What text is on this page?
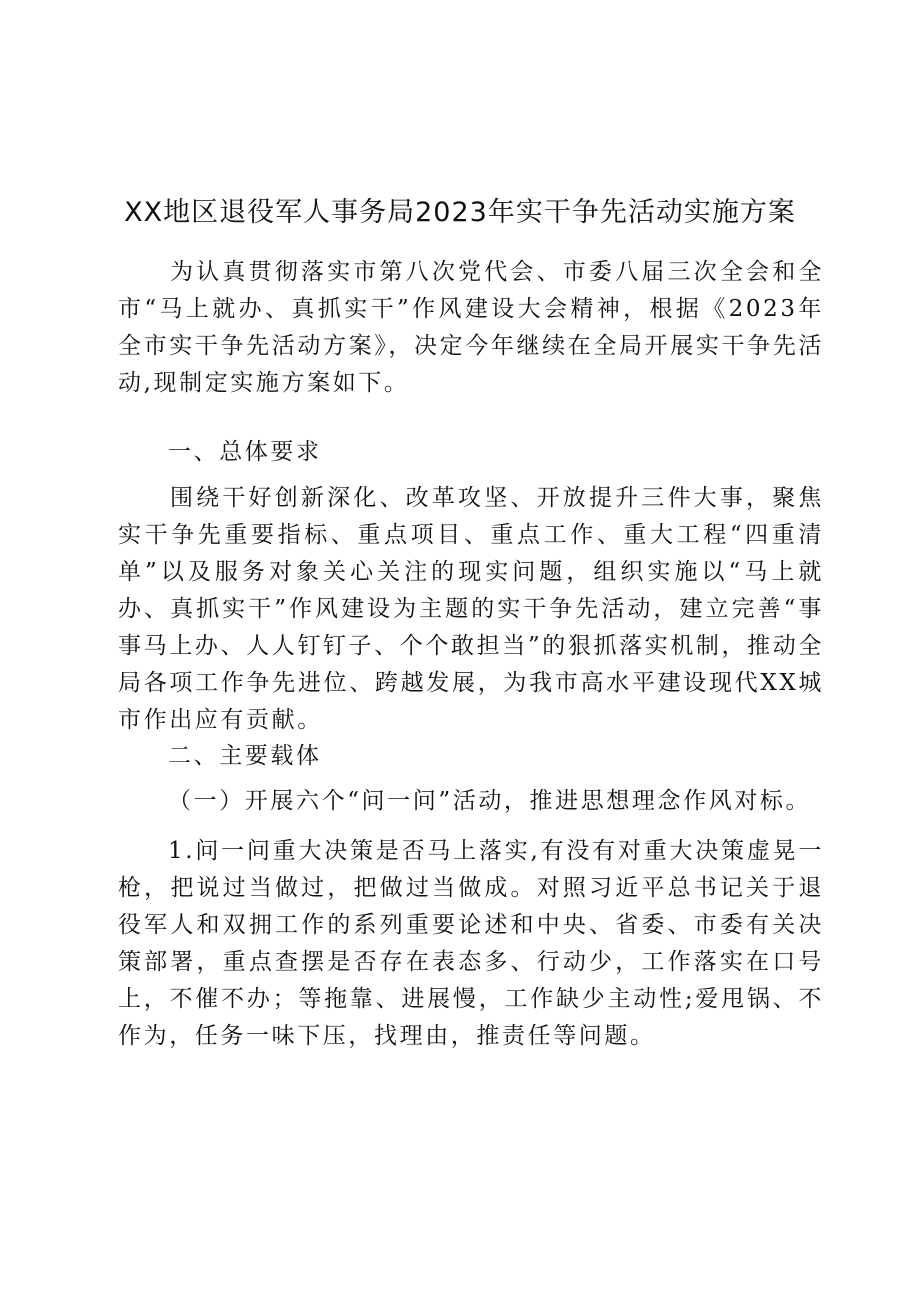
XX地区退役军人事务局2023年实干争先活动实施方案
为认真贯彻落实市第八次党代会、市委八届三次全会和全市“马上就办、真抓实干”作风建设大会精神，根据《2023年全市实干争先活动方案》，决定今年继续在全局开展实干争先活动,现制定实施方案如下。
一、总体要求
围绕干好创新深化、改革攻坚、开放提升三件大事，聚焦实干争先重要指标、重点项目、重点工作、重大工程“四重清单”以及服务对象关心关注的现实问题，组织实施以“马上就办、真抓实干”作风建设为主题的实干争先活动，建立完善“事事马上办、人人钉钉子、个个敢担当”的狠抓落实机制，推动全局各项工作争先进位、跨越发展，为我市高水平建设现代XX城市作出应有贡献。
二、主要载体
（一）开展六个“问一问”活动，推进思想理念作风对标。
1.问一问重大决策是否马上落实,有没有对重大决策虚晃一枪，把说过当做过，把做过当做成。对照习近平总书记关于退役军人和双拥工作的系列重要论述和中央、省委、市委有关决策部署，重点查摆是否存在表态多、行动少，工作落实在口号上，不催不办；等拖靠、进展慢，工作缺少主动性;爱甩锅、不作为，任务一味下压，找理由，推责任等问题。
